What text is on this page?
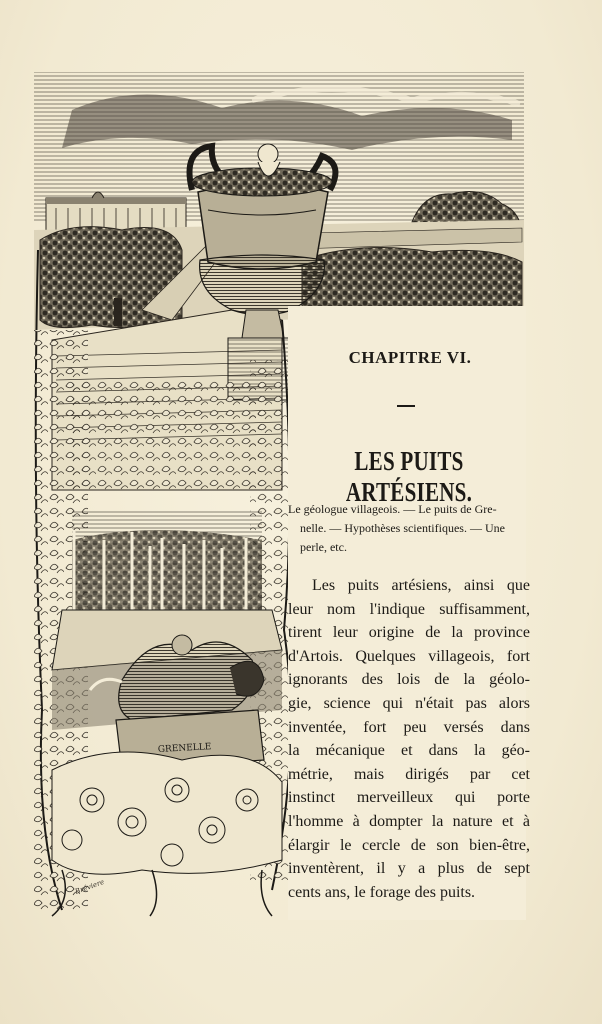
GRENELLE
Bréviere
CHAPITRE VI.
LES PUITS ARTÉSIENS.

Le géologue villageois. — Le puits de Gre-
nelle. — Hypothèses scientifiques. — Une
perle, etc.

Les puits artésiens, ainsi que
leur nom l'indique suffisamment,
tirent leur origine de la province
d'Artois. Quelques villageois, fort
ignorants des lois de la géolo-
gie, science qui n'était pas alors
inventée, fort peu versés dans
la mécanique et dans la géo-
métrie, mais dirigés par cet
instinct merveilleux qui porte
l'homme à dompter la nature et à
élargir le cercle de son bien-être,
inventèrent, il y a plus de sept
cents ans, le forage des puits.
